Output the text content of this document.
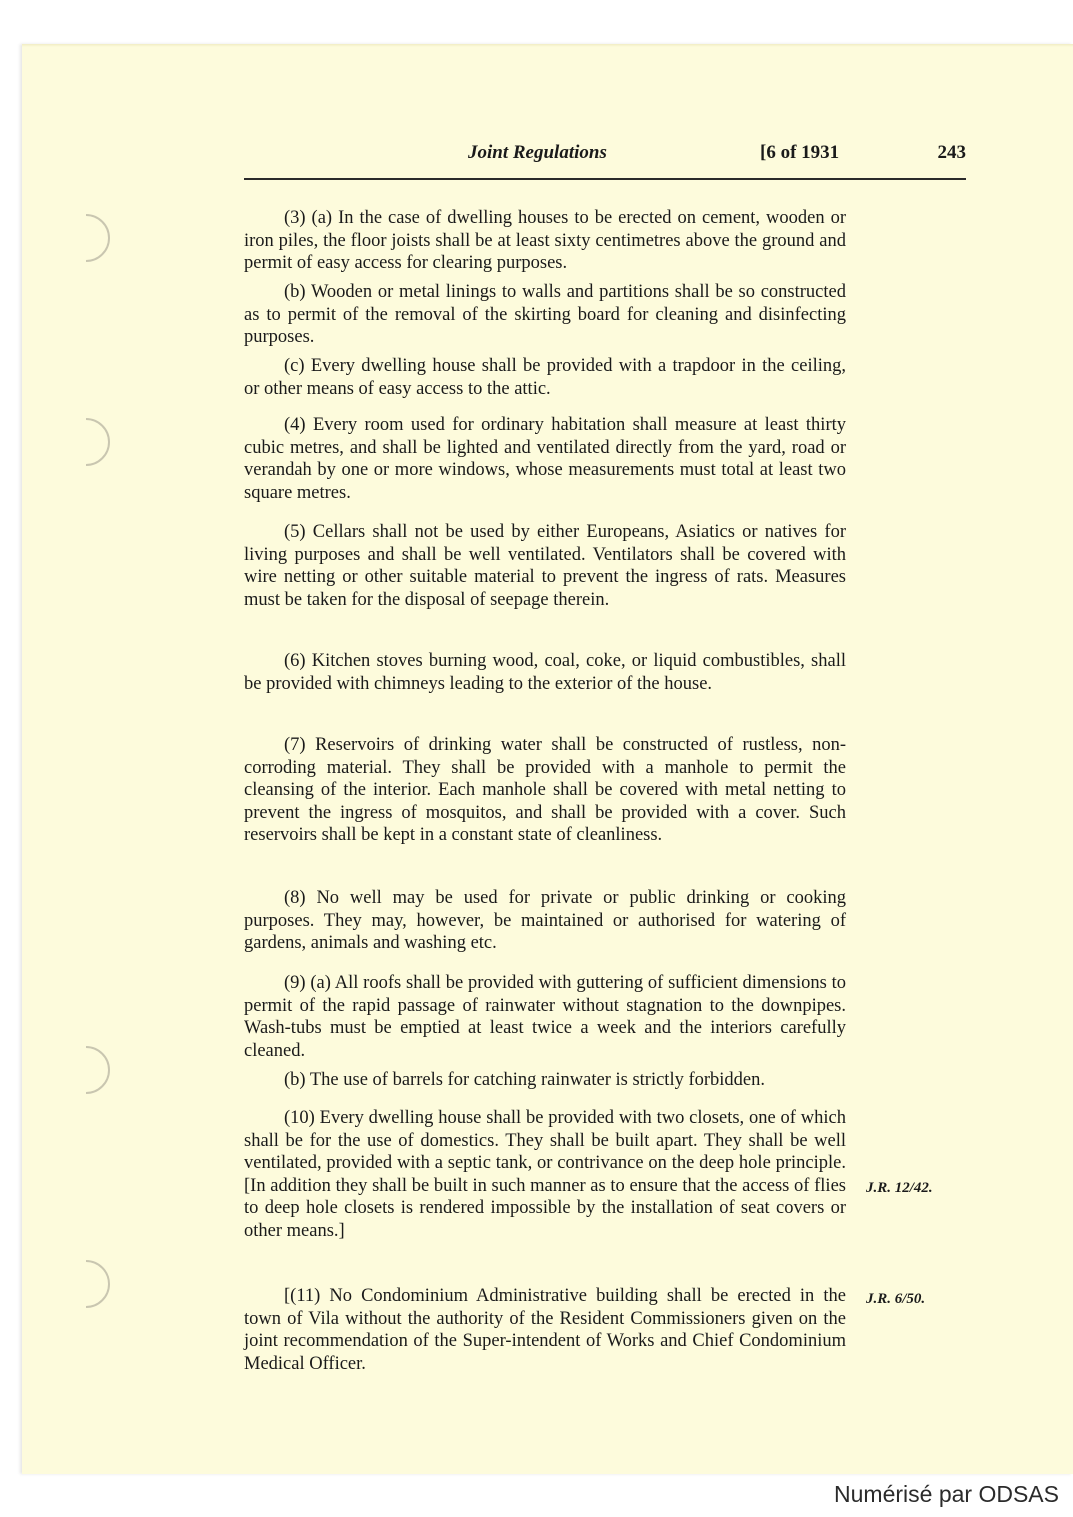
Joint Regulations	[6 of 1931	243

(3) (a) In the case of dwelling houses to be erected on cement, wooden or iron piles, the floor joists shall be at least sixty centimetres above the ground and permit of easy access for clearing purposes.

(b) Wooden or metal linings to walls and partitions shall be so constructed as to permit of the removal of the skirting board for cleaning and disinfecting purposes.

(c) Every dwelling house shall be provided with a trapdoor in the ceiling, or other means of easy access to the attic.

(4) Every room used for ordinary habitation shall measure at least thirty cubic metres, and shall be lighted and ventilated directly from the yard, road or verandah by one or more windows, whose measurements must total at least two square metres.

(5) Cellars shall not be used by either Europeans, Asiatics or natives for living purposes and shall be well ventilated. Ventilators shall be covered with wire netting or other suitable material to prevent the ingress of rats. Measures must be taken for the disposal of seepage therein.

(6) Kitchen stoves burning wood, coal, coke, or liquid combustibles, shall be provided with chimneys leading to the exterior of the house.

(7) Reservoirs of drinking water shall be constructed of rustless, non-corroding material. They shall be provided with a manhole to permit the cleansing of the interior. Each manhole shall be covered with metal netting to prevent the ingress of mosquitos, and shall be provided with a cover. Such reservoirs shall be kept in a constant state of cleanliness.

(8) No well may be used for private or public drinking or cooking purposes. They may, however, be maintained or authorised for watering of gardens, animals and washing etc.

(9) (a) All roofs shall be provided with guttering of sufficient dimensions to permit of the rapid passage of rainwater without stagnation to the downpipes. Wash-tubs must be emptied at least twice a week and the interiors carefully cleaned.

(b) The use of barrels for catching rainwater is strictly forbidden.

(10) Every dwelling house shall be provided with two closets, one of which shall be for the use of domestics. They shall be built apart. They shall be well ventilated, provided with a septic tank, or contrivance on the deep hole principle. [In addition they shall be built in such manner as to ensure that the access of flies to deep hole closets is rendered impossible by the installation of seat covers or other means.]

[(11) No Condominium Administrative building shall be erected in the town of Vila without the authority of the Resident Commissioners given on the joint recommendation of the Super-intendent of Works and Chief Condominium Medical Officer.

J.R. 12/42.
J.R. 6/50.
Numérisé par ODSAS
